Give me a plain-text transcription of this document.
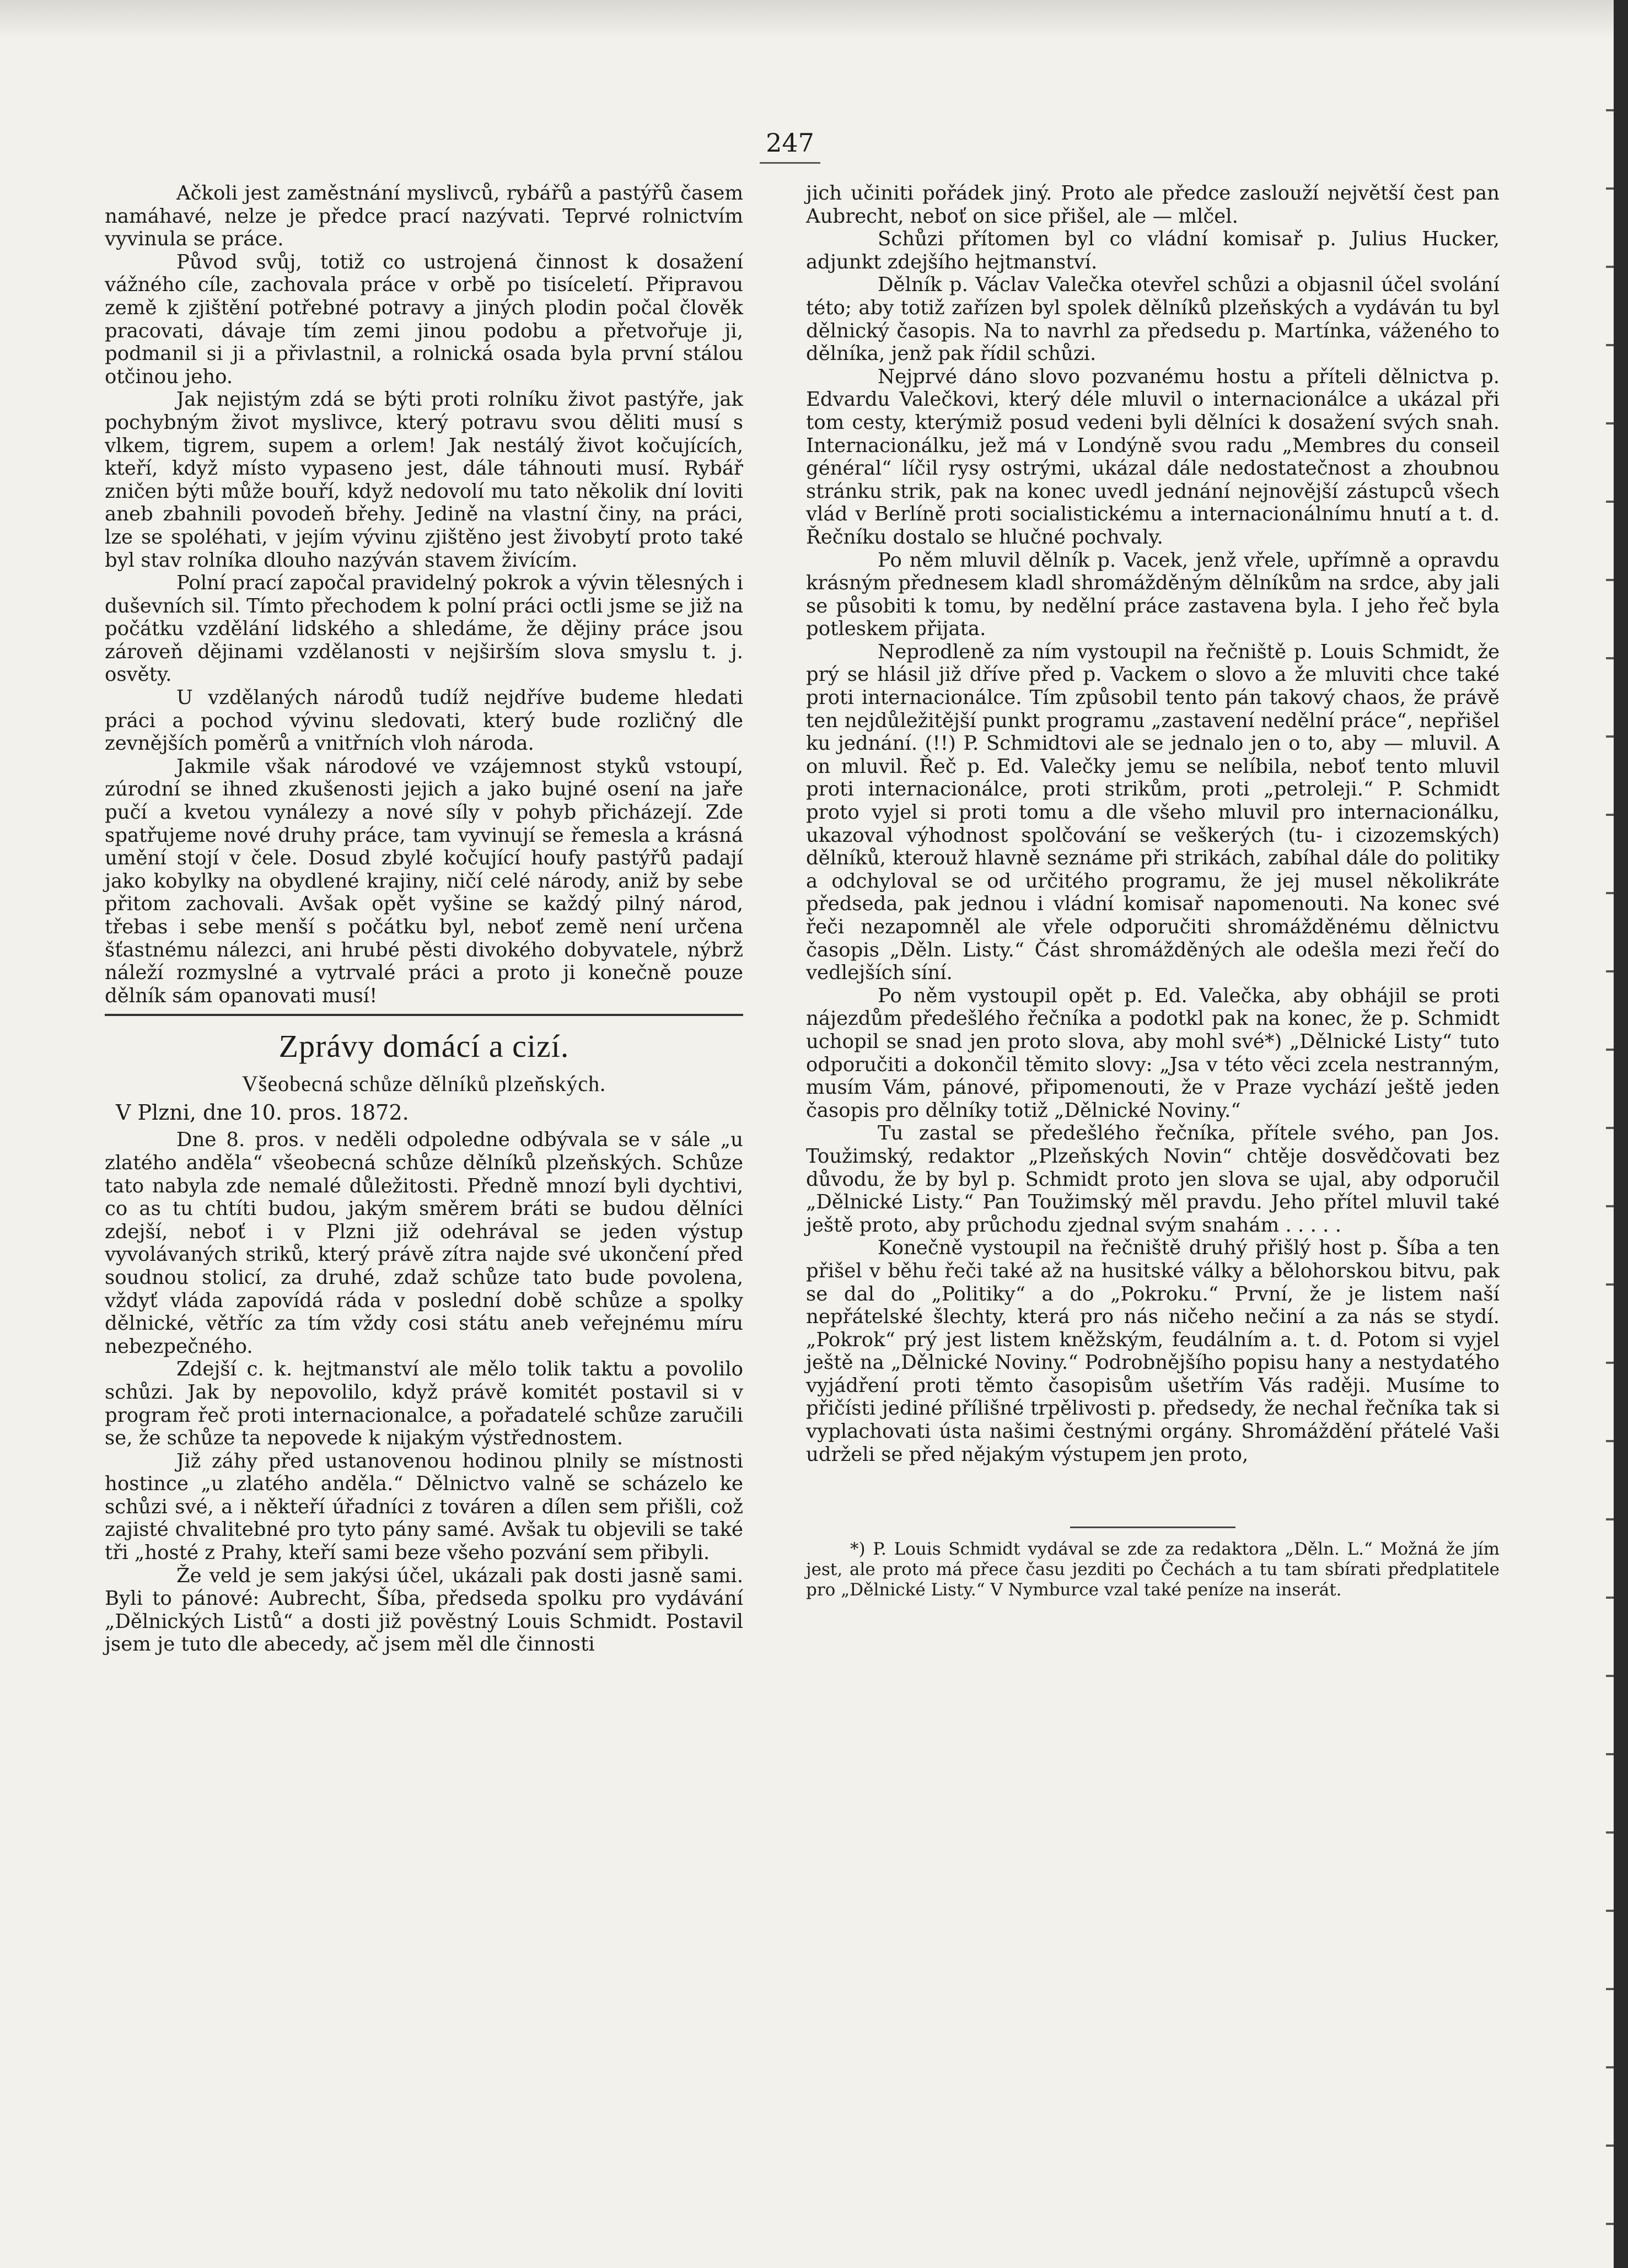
247

Ačkoli jest zaměstnání myslivců, rybářů a pastýřů časem namáhavé, nelze je předce prací nazývati. Teprvé rolnictvím vyvinula se práce.

Původ svůj, totiž co ustrojená činnost k dosažení vážného cíle, zachovala práce v orbě po tisíceletí. Připravou země k zjištění potřebné potravy a jiných plodin počal člověk pracovati, dávaje tím zemi jinou podobu a přetvořuje ji, podmanil si ji a přivlastnil, a rolnická osada byla první stálou otčinou jeho.

Jak nejistým zdá se býti proti rolníku život pastýře, jak pochybným život myslivce, který potravu svou děliti musí s vlkem, tigrem, supem a orlem! Jak nestálý život kočujících, kteří, když místo vypaseno jest, dále táhnouti musí. Rybář zničen býti může bouří, když nedovolí mu tato několik dní loviti aneb zbahnili povodeň břehy. Jedině na vlastní činy, na práci, lze se spoléhati, v jejím vývinu zjištěno jest živobytí proto také byl stav rolníka dlouho nazýván stavem živícím.

Polní prací započal pravidelný pokrok a vývin tělesných i duševních sil. Tímto přechodem k polní práci octli jsme se již na počátku vzdělání lidského a shledáme, že dějiny práce jsou zároveň dějinami vzdělanosti v nejširším slova smyslu t. j. osvěty.

U vzdělaných národů tudíž nejdříve budeme hledati práci a pochod vývinu sledovati, který bude rozličný dle zevnějších poměrů a vnitřních vloh národa.

Jakmile však národové ve vzájemnost styků vstoupí, zúrodní se ihned zkušenosti jejich a jako bujné osení na jaře pučí a kvetou vynálezy a nové síly v pohyb přicházejí. Zde spatřujeme nové druhy práce, tam vyvinují se řemesla a krásná umění stojí v čele. Dosud zbylé kočující houfy pastýřů padají jako kobylky na obydlené krajiny, ničí celé národy, aniž by sebe přitom zachovali. Avšak opět vyšine se každý pilný národ, třebas i sebe menší s počátku byl, neboť země není určena šťastnému nálezci, ani hrubé pěsti divokého dobyvatele, nýbrž náleží rozmyslné a vytrvalé práci a proto ji konečně pouze dělník sám opanovati musí!

Zprávy domácí a cizí.
Všeobecná schůze dělníků plzeňských.
V Plzni, dne 10. pros. 1872.

Dne 8. pros. v neděli odpoledne odbývala se v sále „u zlatého anděla“ všeobecná schůze dělníků plzeňských. Schůze tato nabyla zde nemalé důležitosti. Předně mnozí byli dychtivi, co as tu chtíti budou, jakým směrem bráti se budou dělníci zdejší, neboť i v Plzni již odehrával se jeden výstup vyvolávaných striků, který právě zítra najde své ukončení před soudnou stolicí, za druhé, zdaž schůze tato bude povolena, vždyť vláda zapovídá ráda v poslední době schůze a spolky dělnické, větříc za tím vždy cosi státu aneb veřejnému míru nebezpečného.

Zdejší c. k. hejtmanství ale mělo tolik taktu a povolilo schůzi. Jak by nepovolilo, když právě komitét postavil si v program řeč proti internacionalce, a pořadatelé schůze zaručili se, že schůze ta nepovede k nijakým výstřednostem.

Již záhy před ustanovenou hodinou plnily se místnosti hostince „u zlatého anděla.“ Dělnictvo valně se scházelo ke schůzi své, a i někteří úřadníci z továren a dílen sem přišli, což zajisté chvalitebné pro tyto pány samé. Avšak tu objevili se také tři „hosté z Prahy, kteří sami beze všeho pozvání sem přibyli.

Že veld je sem jakýsi účel, ukázali pak dosti jasně sami. Byli to pánové: Aubrecht, Šíba, předseda spolku pro vydávání „Dělnických Listů“ a dosti již pověstný Louis Schmidt. Postavil jsem je tuto dle abecedy, ač jsem měl dle činnosti

jich učiniti pořádek jiný. Proto ale předce zaslouží největší čest pan Aubrecht, neboť on sice přišel, ale — mlčel.

Schůzi přítomen byl co vládní komisař p. Julius Hucker, adjunkt zdejšího hejtmanství.

Dělník p. Václav Valečka otevřel schůzi a objasnil účel svolání této; aby totiž zařízen byl spolek dělníků plzeňských a vydáván tu byl dělnický časopis. Na to navrhl za předsedu p. Martínka, váženého to dělníka, jenž pak řídil schůzi.

Nejprvé dáno slovo pozvanému hostu a příteli dělnictva p. Edvardu Valečkovi, který déle mluvil o internacionálce a ukázal při tom cesty, kterýmiž posud vedeni byli dělníci k dosažení svých snah. Internacionálku, jež má v Londýně svou radu „Membres du conseil général“ líčil rysy ostrými, ukázal dále nedostatečnost a zhoubnou stránku strik, pak na konec uvedl jednání nejnovější zástupců všech vlád v Berlíně proti socialistickému a internacionálnímu hnutí a t. d. Řečníku dostalo se hlučné pochvaly.

Po něm mluvil dělník p. Vacek, jenž vřele, upřímně a opravdu krásným přednesem kladl shromážděným dělníkům na srdce, aby jali se působiti k tomu, by nedělní práce zastavena byla. I jeho řeč byla potleskem přijata.

Neprodleně za ním vystoupil na řečniště p. Louis Schmidt, že prý se hlásil již dříve před p. Vackem o slovo a že mluviti chce také proti internacionálce. Tím způsobil tento pán takový chaos, že právě ten nejdůležitější punkt programu „zastavení nedělní práce“, nepřišel ku jednání. (!!) P. Schmidtovi ale se jednalo jen o to, aby — mluvil. A on mluvil. Řeč p. Ed. Valečky jemu se nelíbila, neboť tento mluvil proti internacionálce, proti strikům, proti „petroleji.“ P. Schmidt proto vyjel si proti tomu a dle všeho mluvil pro internacionálku, ukazoval výhodnost spolčování se veškerých (tu- i cizozemských) dělníků, kterouž hlavně seznáme při strikách, zabíhal dále do politiky a odchyloval se od určitého programu, že jej musel několikráte předseda, pak jednou i vládní komisař napomenouti. Na konec své řeči nezapomněl ale vřele odporučiti shromážděnému dělnictvu časopis „Děln. Listy.“ Část shromážděných ale odešla mezi řečí do vedlejších síní.

Po něm vystoupil opět p. Ed. Valečka, aby obhájil se proti nájezdům předešlého řečníka a podotkl pak na konec, že p. Schmidt uchopil se snad jen proto slova, aby mohl své*) „Dělnické Listy“ tuto odporučiti a dokončil těmito slovy: „Jsa v této věci zcela nestranným, musím Vám, pánové, připomenouti, že v Praze vychází ještě jeden časopis pro dělníky totiž „Dělnické Noviny.“

Tu zastal se předešlého řečníka, přítele svého, pan Jos. Toužimský, redaktor „Plzeňských Novin“ chtěje dosvědčovati bez důvodu, že by byl p. Schmidt proto jen slova se ujal, aby odporučil „Dělnické Listy.“ Pan Toužimský měl pravdu. Jeho přítel mluvil také ještě proto, aby průchodu zjednal svým snahám . . . . .

Konečně vystoupil na řečniště druhý přišlý host p. Šíba a ten přišel v běhu řeči také až na husitské války a bělohorskou bitvu, pak se dal do „Politiky“ a do „Pokroku.“ První, že je listem naší nepřátelské šlechty, která pro nás ničeho nečiní a za nás se stydí. „Pokrok“ prý jest listem kněžským, feudálním a. t. d. Potom si vyjel ještě na „Dělnické Noviny.“ Podrobnějšího popisu hany a nestydatého vyjádření proti těmto časopisům ušetřím Vás raději. Musíme to přičísti jediné přílišné trpělivosti p. předsedy, že nechal řečníka tak si vyplachovati ústa našimi čestnými orgány. Shromáždění přátelé Vaši udrželi se před nějakým výstupem jen proto,

*) P. Louis Schmidt vydával se zde za redaktora „Děln. L.“ Možná že jím jest, ale proto má přece času jezditi po Čechách a tu tam sbírati předplatitele pro „Dělnické Listy.“ V Nymburce vzal také peníze na inserát.
